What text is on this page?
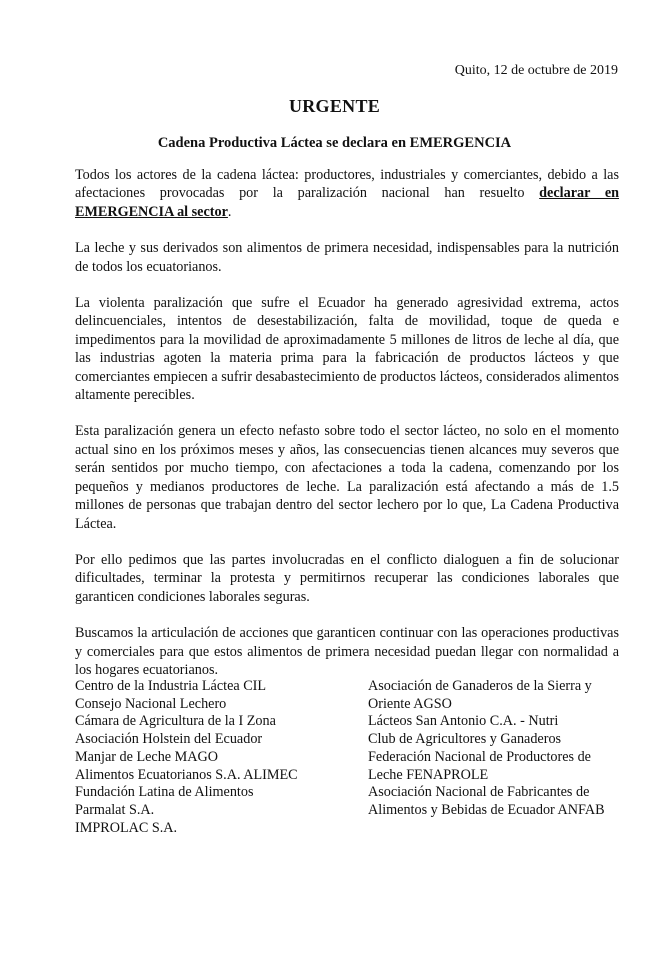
Quito, 12 de octubre de 2019
URGENTE
Cadena Productiva Láctea se declara en EMERGENCIA

Todos los actores de la cadena láctea: productores, industriales y comerciantes, debido a las afectaciones provocadas por la paralización nacional han resuelto declarar en EMERGENCIA al sector.

La leche y sus derivados son alimentos de primera necesidad, indispensables para la nutrición de todos los ecuatorianos.

La violenta paralización que sufre el Ecuador ha generado agresividad extrema, actos delincuenciales, intentos de desestabilización, falta de movilidad, toque de queda e impedimentos para la movilidad de aproximadamente 5 millones de litros de leche al día, que las industrias agoten la materia prima para la fabricación de productos lácteos y que comerciantes empiecen a sufrir desabastecimiento de productos lácteos, considerados alimentos altamente perecibles.

Esta paralización genera un efecto nefasto sobre todo el sector lácteo, no solo en el momento actual sino en los próximos meses y años, las consecuencias tienen alcances muy severos que serán sentidos por mucho tiempo, con afectaciones a toda la cadena, comenzando por los pequeños y medianos productores de leche. La paralización está afectando a más de 1.5 millones de personas que trabajan dentro del sector lechero por lo que, La Cadena Productiva Láctea.

Por ello pedimos que las partes involucradas en el conflicto dialoguen a fin de solucionar dificultades, terminar la protesta y permitirnos recuperar las condiciones laborales que garanticen condiciones laborales seguras.

Buscamos la articulación de acciones que garanticen continuar con las operaciones productivas y comerciales para que estos alimentos de primera necesidad puedan llegar con normalidad a los hogares ecuatorianos.

Centro de la Industria Láctea CIL
Consejo Nacional Lechero
Cámara de Agricultura de la I Zona
Asociación Holstein del Ecuador
Manjar de Leche MAGO
Alimentos Ecuatorianos S.A. ALIMEC
Fundación Latina de Alimentos
Parmalat S.A.
IMPROLAC S.A.
Asociación de Ganaderos de la Sierra y
Oriente AGSO
Lácteos San Antonio C.A. - Nutri
Club de Agricultores y Ganaderos
Federación Nacional de Productores de
Leche FENAPROLE
Asociación Nacional de Fabricantes de
Alimentos y Bebidas de Ecuador ANFAB
